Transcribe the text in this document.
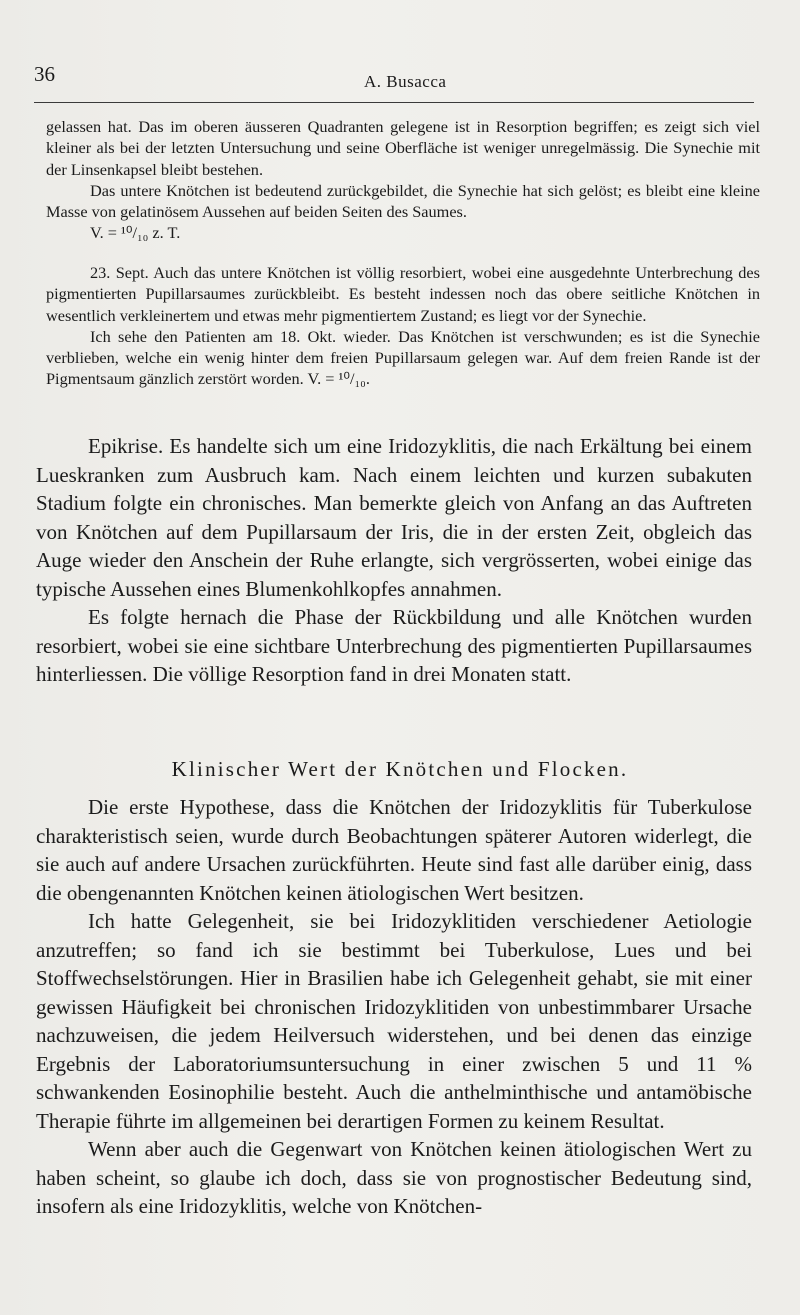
36	A. Busacca

gelassen hat. Das im oberen äusseren Quadranten gelegene ist in Resorption begriffen; es zeigt sich viel kleiner als bei der letzten Untersuchung und seine Oberfläche ist weniger unregelmässig. Die Synechie mit der Linsenkapsel bleibt bestehen.

Das untere Knötchen ist bedeutend zurückgebildet, die Synechie hat sich gelöst; es bleibt eine kleine Masse von gelatinösem Aussehen auf beiden Seiten des Saumes.

V. = ¹⁰/₁₀ z. T.

23. Sept. Auch das untere Knötchen ist völlig resorbiert, wobei eine ausgedehnte Unterbrechung des pigmentierten Pupillarsaumes zurückbleibt. Es besteht indessen noch das obere seitliche Knötchen in wesentlich verkleinertem und etwas mehr pigmentiertem Zustand; es liegt vor der Synechie.

Ich sehe den Patienten am 18. Okt. wieder. Das Knötchen ist verschwunden; es ist die Synechie verblieben, welche ein wenig hinter dem freien Pupillarsaum gelegen war. Auf dem freien Rande ist der Pigmentsaum gänzlich zerstört worden. V. = ¹⁰/₁₀.

Epikrise. Es handelte sich um eine Iridozyklitis, die nach Erkältung bei einem Lueskranken zum Ausbruch kam. Nach einem leichten und kurzen subakuten Stadium folgte ein chronisches. Man bemerkte gleich von Anfang an das Auftreten von Knötchen auf dem Pupillarsaum der Iris, die in der ersten Zeit, obgleich das Auge wieder den Anschein der Ruhe erlangte, sich vergrösserten, wobei einige das typische Aussehen eines Blumenkohlkopfes annahmen.

Es folgte hernach die Phase der Rückbildung und alle Knötchen wurden resorbiert, wobei sie eine sichtbare Unterbrechung des pigmentierten Pupillarsaumes hinterliessen. Die völlige Resorption fand in drei Monaten statt.

Klinischer Wert der Knötchen und Flocken.

Die erste Hypothese, dass die Knötchen der Iridozyklitis für Tuberkulose charakteristisch seien, wurde durch Beobachtungen späterer Autoren widerlegt, die sie auch auf andere Ursachen zurückführten. Heute sind fast alle darüber einig, dass die obengenannten Knötchen keinen ätiologischen Wert besitzen.

Ich hatte Gelegenheit, sie bei Iridozyklitiden verschiedener Aetiologie anzutreffen; so fand ich sie bestimmt bei Tuberkulose, Lues und bei Stoffwechselstörungen. Hier in Brasilien habe ich Gelegenheit gehabt, sie mit einer gewissen Häufigkeit bei chronischen Iridozyklitiden von unbestimmbarer Ursache nachzuweisen, die jedem Heilversuch widerstehen, und bei denen das einzige Ergebnis der Laboratoriumsuntersuchung in einer zwischen 5 und 11 % schwankenden Eosinophilie besteht. Auch die anthelminthische und antamöbische Therapie führte im allgemeinen bei derartigen Formen zu keinem Resultat.

Wenn aber auch die Gegenwart von Knötchen keinen ätiologischen Wert zu haben scheint, so glaube ich doch, dass sie von prognostischer Bedeutung sind, insofern als eine Iridozyklitis, welche von Knötchen-
